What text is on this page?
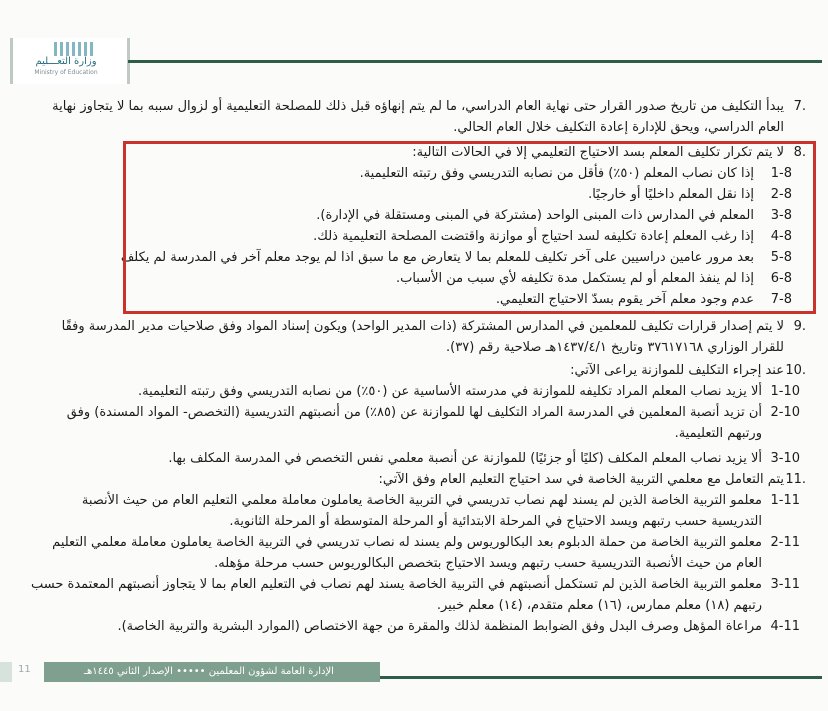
وزارة التعـــليم
Ministry of Education
.7
يبدأ التكليف من تاريخ صدور القرار حتى نهاية العام الدراسي، ما لم يتم إنهاؤه قبل ذلك للمصلحة التعليمية أو لزوال سببه بما لا يتجاوز نهاية العام الدراسي، ويحق للإدارة إعادة التكليف خلال العام الحالي.
.8
لا يتم تكرار تكليف المعلم بسد الاحتياج التعليمي إلا في الحالات التالية:
1-8
إذا كان نصاب المعلم (٥٠٪) فأقل من نصابه التدريسي وفق رتبته التعليمية.
2-8
إذا نقل المعلم داخليًا أو خارجيًا.
3-8
المعلم في المدارس ذات المبنى الواحد (مشتركة في المبنى ومستقلة في الإدارة).
4-8
إذا رغب المعلم إعادة تكليفه لسد احتياج أو موازنة واقتضت المصلحة التعليمية ذلك.
5-8
بعد مرور عامين دراسيين على آخر تكليف للمعلم بما لا يتعارض مع ما سبق اذا لم يوجد معلم آخر في المدرسة لم يكلف
6-8
إذا لم ينفذ المعلم أو لم يستكمل مدة تكليفه لأي سبب من الأسباب.
7-8
عدم وجود معلم آخر يقوم بسدّ الاحتياج التعليمي.
.9
لا يتم إصدار قرارات تكليف للمعلمين في المدارس المشتركة (ذات المدير الواحد) ويكون إسناد المواد وفق صلاحيات مدير المدرسة وفقًا للقرار الوزاري ٣٧٦١٧١٦٨ وتاريخ ١٤٣٧/٤/١هـ صلاحية رقم (٣٧).
.10
عند إجراء التكليف للموازنة يراعى الآتي:
1-10
ألا يزيد نصاب المعلم المراد تكليفه للموازنة في مدرسته الأساسية عن (٥٠٪) من نصابه التدريسي وفق رتبته التعليمية.
2-10
أن تزيد أنصبة المعلمين في المدرسة المراد التكليف لها للموازنة عن (٨٥٪) من أنصبتهم التدريسية (التخصص- المواد المسندة) وفق ورتبهم التعليمية.
3-10
ألا يزيد نصاب المعلم المكلف (كليًا أو جزئيًا) للموازنة عن أنصبة معلمي نفس التخصص في المدرسة المكلف بها.
.11
يتم التعامل مع معلمي التربية الخاصة في سد احتياج التعليم العام وفق الآتي:
1-11
معلمو التربية الخاصة الذين لم يسند لهم نصاب تدريسي في التربية الخاصة يعاملون معاملة معلمي التعليم العام من حيث الأنصبة التدريسية حسب رتبهم ويسد الاحتياج في المرحلة الابتدائية أو المرحلة المتوسطة أو المرحلة الثانوية.
2-11
معلمو التربية الخاصة من حملة الدبلوم بعد البكالوريوس ولم يسند له نصاب تدريسي في التربية الخاصة يعاملون معاملة معلمي التعليم العام من حيث الأنصبة التدريسية حسب رتبهم ويسد الاحتياج بتخصص البكالوريوس حسب مرحلة مؤهله.
3-11
معلمو التربية الخاصة الذين لم تستكمل أنصبتهم في التربية الخاصة يسند لهم نصاب في التعليم العام بما لا يتجاوز أنصبتهم المعتمدة حسب رتبهم (١٨) معلم ممارس، (١٦) معلم متقدم، (١٤) معلم خبير.
4-11
مراعاة المؤهل وصرف البدل وفق الضوابط المنظمة لذلك والمقرة من جهة الاختصاص (الموارد البشرية والتربية الخاصة).
11	الإدارة العامة لشؤون المعلمين ••••• الإصدار الثاني ١٤٤٥هـ
